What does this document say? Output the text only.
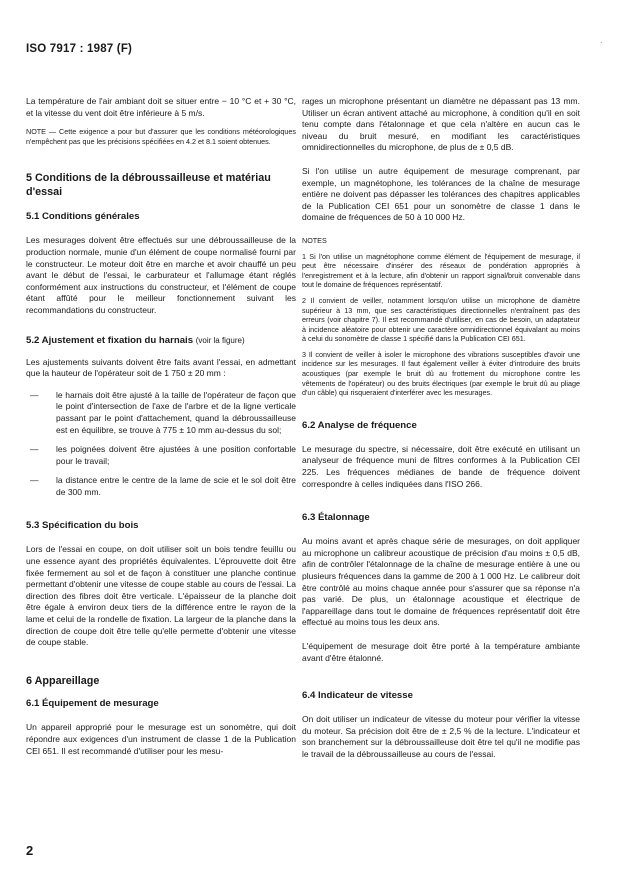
ISO 7917 : 1987 (F)
·

La température de l'air ambiant doit se situer entre − 10 °C et + 30 °C, et la vitesse du vent doit être inférieure à 5 m/s.

NOTE — Cette exigence a pour but d'assurer que les conditions météorologiques n'empêchent pas que les précisions spécifiées en 4.2 et 8.1 soient obtenues.

5 Conditions de la débroussailleuse et matériau d'essai
5.1 Conditions générales

Les mesurages doivent être effectués sur une débroussailleuse de la production normale, munie d'un élément de coupe normalisé fourni par le constructeur. Le moteur doit être en marche et avoir chauffé un peu avant le début de l'essai, le carburateur et l'allumage étant réglés conformément aux instructions du constructeur, et l'élément de coupe étant affûté pour le meilleur fonctionnement suivant les recommandations du constructeur.

5.2 Ajustement et fixation du harnais (voir la figure)

Les ajustements suivants doivent être faits avant l'essai, en admettant que la hauteur de l'opérateur soit de 1 750 ± 20 mm :

—	le harnais doit être ajusté à la taille de l'opérateur de façon que le point d'intersection de l'axe de l'arbre et de la ligne verticale passant par le point d'attachement, quand la débroussailleuse est en équilibre, se trouve à 775 ± 10 mm au-dessus du sol;

—	les poignées doivent être ajustées à une position confortable pour le travail;

—	la distance entre le centre de la lame de scie et le sol doit être de 300 mm.

5.3 Spécification du bois

Lors de l'essai en coupe, on doit utiliser soit un bois tendre feuillu ou une essence ayant des propriétés équivalentes. L'éprouvette doit être fixée fermement au sol et de façon à constituer une planche continue permettant d'obtenir une vitesse de coupe stable au cours de l'essai. La direction des fibres doit être verticale. L'épaisseur de la planche doit être égale à environ deux tiers de la différence entre le rayon de la lame et celui de la rondelle de fixation. La largeur de la planche dans la direction de coupe doit être telle qu'elle permette d'obtenir une vitesse de coupe stable.

6 Appareillage
6.1 Équipement de mesurage

Un appareil approprié pour le mesurage est un sonomètre, qui doit répondre aux exigences d'un instrument de classe 1 de la Publication CEI 651. Il est recommandé d'utiliser pour les mesu-

rages un microphone présentant un diamètre ne dépassant pas 13 mm. Utiliser un écran antivent attaché au microphone, à condition qu'il en soit tenu compte dans l'étalonnage et que cela n'altère en aucun cas le niveau du bruit mesuré, en modifiant les caractéristiques omnidirectionnelles du microphone, de plus de ± 0,5 dB.

Si l'on utilise un autre équipement de mesurage comprenant, par exemple, un magnétophone, les tolérances de la chaîne de mesurage entière ne doivent pas dépasser les tolérances des chapitres applicables de la Publication CEI 651 pour un sonomètre de classe 1 dans le domaine de fréquences de 50 à 10 000 Hz.

NOTES

1 Si l'on utilise un magnétophone comme élément de l'équipement de mesurage, il peut être nécessaire d'insérer des réseaux de pondération appropriés à l'enregistrement et à la lecture, afin d'obtenir un rapport signal/bruit convenable dans tout le domaine de fréquences représentatif.

2 Il convient de veiller, notamment lorsqu'on utilise un microphone de diamètre supérieur à 13 mm, que ses caractéristiques directionnelles n'entraînent pas des erreurs (voir chapitre 7). Il est recommandé d'utiliser, en cas de besoin, un adaptateur à incidence aléatoire pour obtenir une caractère omnidirectionnel équivalant au moins à celui du sonomètre de classe 1 spécifié dans la Publication CEI 651.

3 Il convient de veiller à isoler le microphone des vibrations susceptibles d'avoir une incidence sur les mesurages. Il faut également veiller à éviter d'introduire des bruits acoustiques (par exemple le bruit dû au frottement du microphone contre les vêtements de l'opérateur) ou des bruits électriques (par exemple le bruit dû au pliage d'un câble) qui risqueraient d'interférer avec les mesurages.

6.2 Analyse de fréquence

Le mesurage du spectre, si nécessaire, doit être exécuté en utilisant un analyseur de fréquence muni de filtres conformes à la Publication CEI 225. Les fréquences médianes de bande de fréquence doivent correspondre à celles indiquées dans l'ISO 266.

6.3 Étalonnage

Au moins avant et après chaque série de mesurages, on doit appliquer au microphone un calibreur acoustique de précision d'au moins ± 0,5 dB, afin de contrôler l'étalonnage de la chaîne de mesurage entière à une ou plusieurs fréquences dans la gamme de 200 à 1 000 Hz. Le calibreur doit être contrôlé au moins chaque année pour s'assurer que sa réponse n'a pas varié. De plus, un étalonnage acoustique et électrique de l'appareillage dans tout le domaine de fréquences représentatif doit être effectué au moins tous les deux ans.

L'équipement de mesurage doit être porté à la température ambiante avant d'être étalonné.

6.4 Indicateur de vitesse

On doit utiliser un indicateur de vitesse du moteur pour vérifier la vitesse du moteur. Sa précision doit être de ± 2,5 % de la lecture. L'indicateur et son branchement sur la débroussailleuse doit être tel qu'il ne modifie pas le travail de la débroussailleuse au cours de l'essai.

2
